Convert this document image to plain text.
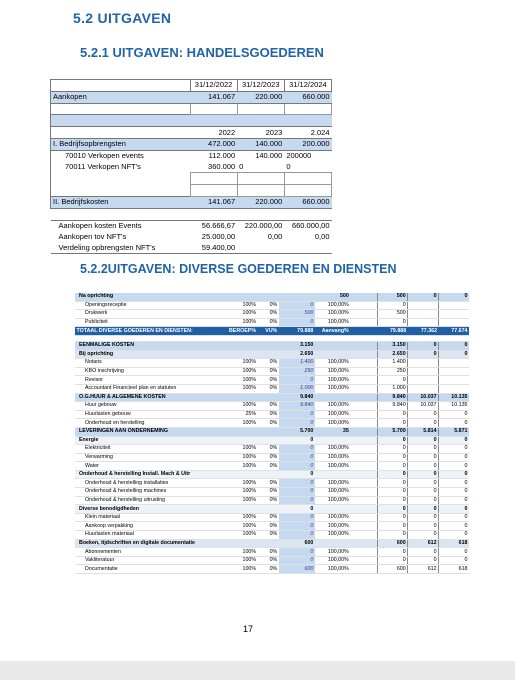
5.2 UITGAVEN
5.2.1 UITGAVEN: HANDELSGOEDEREN
	31/12/2022	31/12/2023	31/12/2024
Aankopen	141.067	220.000	660.000

	2022	2023	2.024
I. Bedrijfsopbrengsten	472.000	140.000	200.000
70010 Verkopen events	112.000	140.000	200000
70011 Verkopen NFT's	360.000	0	0

II. Bedrijfskosten	141.067	220.000	660.000

Aankopen kosten Events	56.666,67	220.000,00	660.000,00
Aankopen tov NFT's	25.000,00	0,00	0,00
Verdeling opbrengsten NFT's	59.400,00		
5.2.2UITGAVEN: DIVERSE GOEDEREN EN DIENSTEN
Na oprichting				500		500	0	0
Openingsreceptie	100%	0%	0	100,00%		0		
Drukwerk	100%	0%	500	100,00%		500		
Publiciteit	100%	0%	0	100,00%		0		
TOTAAL DIVERSE GOEDEREN EN DIENSTEN:	BEROEP%	VU%	79.888	Aanvang%		79.888	77.362	77.674

EENMALIGE KOSTEN			3.150			3.150	0	0
Bij oprichting			2.650			2.650	0	0
Notaris	100%	0%	1.400	100,00%		1.400		
KBO inschrijving	100%	0%	250	100,00%		250		
Revisor	100%	0%	0	100,00%		0		
Accountant Financieel plan en statuten	100%	0%	1.000	100,00%		1.000		
O.G.HUUR & ALGEMENE KOSTEN			9.840			9.840	10.037	10.135
Huur gebouw	100%	0%	9.840	100,00%		9.840	10.037	10.135
Huurlasten gebouw	25%	0%	0	100,00%		0	0	0
Onderhoud en herstelling	100%	0%	0	100,00%		0	0	0
LEVERINGEN AAN ONDERNEMING			5.700	35		5.700	5.814	5.871
Energie			0			0	0	0
Elektriciteit	100%	0%	0	100,00%		0	0	0
Verwarming	100%	0%	0	100,00%		0	0	0
Water	100%	0%	0	100,00%		0	0	0
Onderhoud & herstelling Install. Mach & Uitr			0			0	0	0
Onderhoud & herstelling installaties	100%	0%	0	100,00%		0	0	0
Onderhoud & herstelling machines	100%	0%	0	100,00%		0	0	0
Onderhoud & herstelling uitrusting	100%	0%	0	100,00%		0	0	0
Diverse benodigdheden			0			0	0	0
Klein materiaal	100%	0%	0	100,00%		0	0	0
Aankoop verpakking	100%	0%	0	100,00%		0	0	0
Huurlasten materiaal	100%	0%	0	100,00%		0	0	0
Boeken, tijdschriften en digitale documentatie			600			600	612	618
Abonnementen	100%	0%	0	100,00%		0	0	0
Vakliteratuur	100%	0%	0	100,00%		0	0	0
Documentatie	100%	0%	600	100,00%		600	612	618
17
